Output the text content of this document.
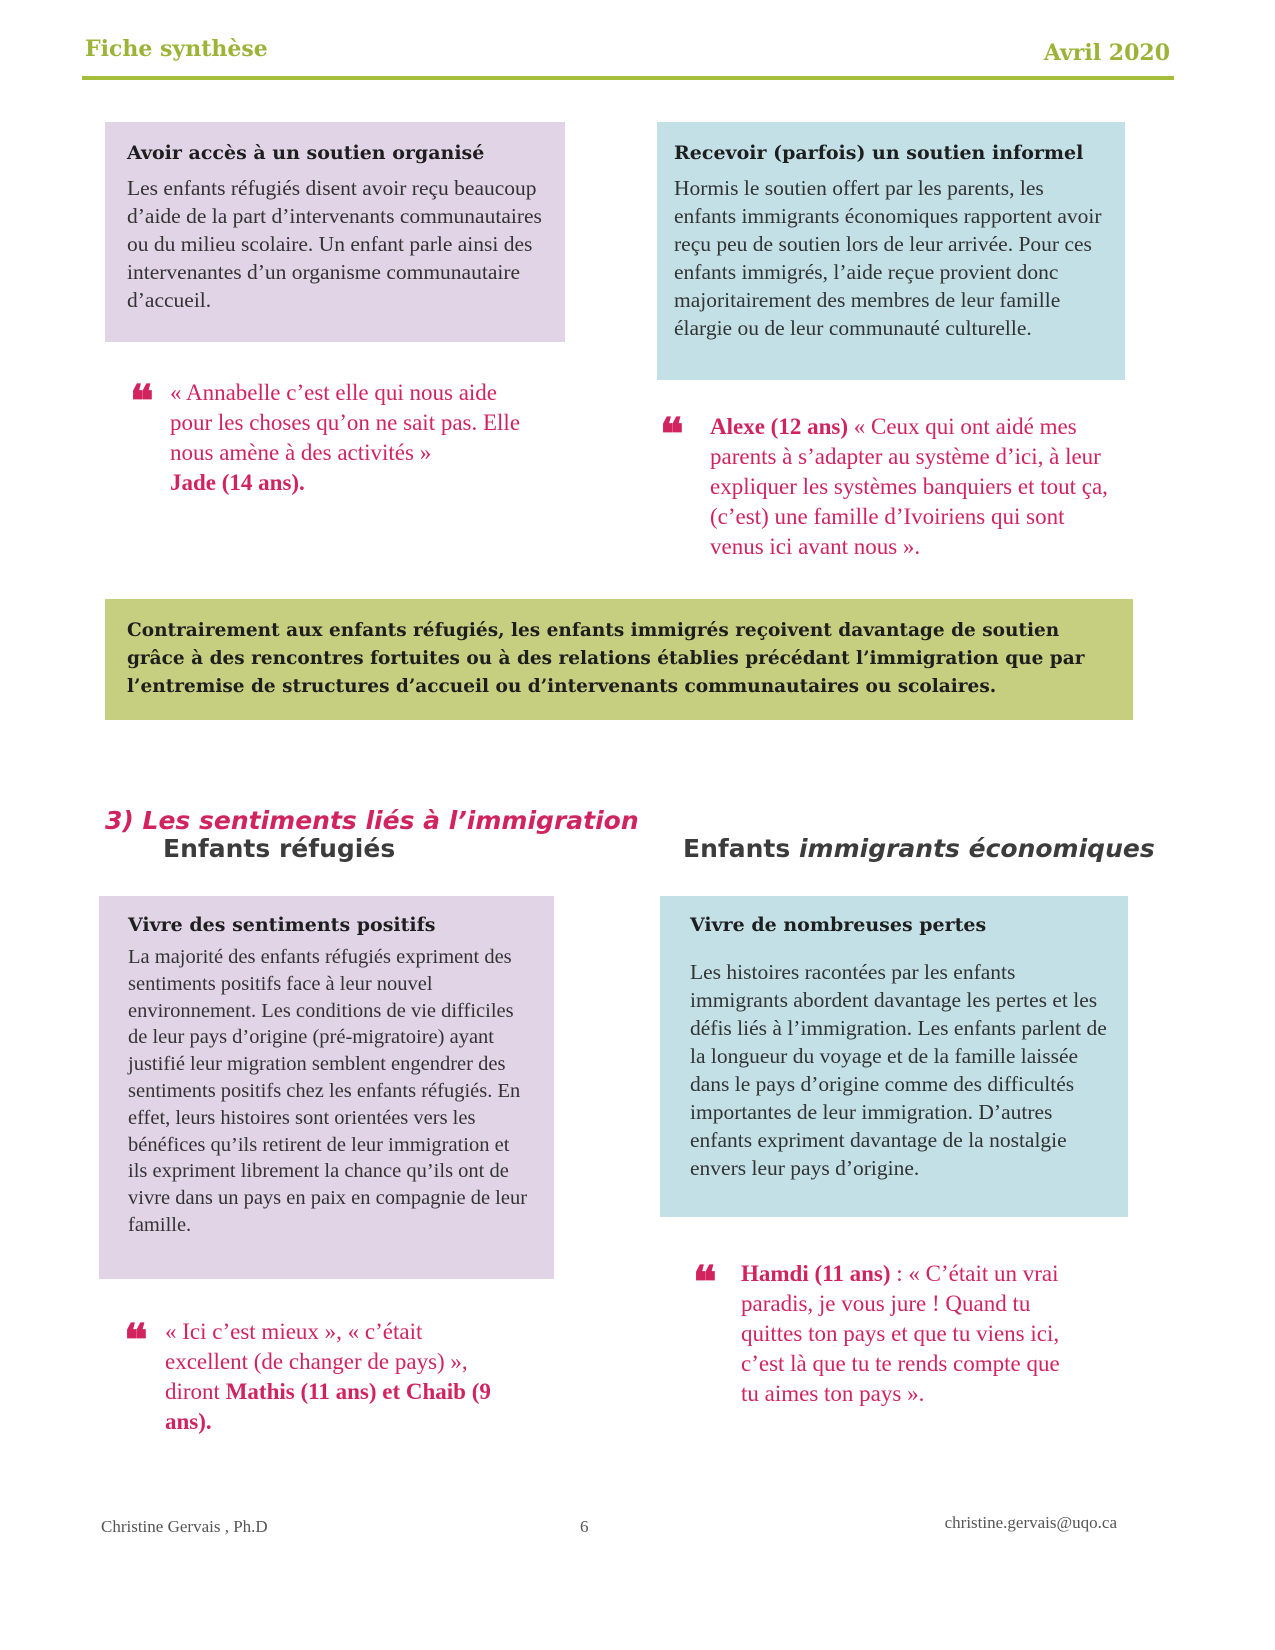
Fiche synthèse	Avril 2020
Avoir accès à un soutien organisé

Les enfants réfugiés disent avoir reçu beaucoup d’aide de la part d’intervenants communautaires ou du milieu scolaire. Un enfant parle ainsi des intervenantes d’un organisme communautaire d’accueil.

Recevoir (parfois) un soutien informel

Hormis le soutien offert par les parents, les enfants immigrants économiques rapportent avoir reçu peu de soutien lors de leur arrivée. Pour ces enfants immigrés, l’aide reçue provient donc majoritairement des membres de leur famille élargie ou de leur communauté culturelle.

❝ « Annabelle c’est elle qui nous aide pour les choses qu’on ne sait pas. Elle nous amène à des activités »
Jade (14 ans).
❝ Alexe (12 ans) « Ceux qui ont aidé mes parents à s’adapter au système d’ici, à leur expliquer les systèmes banquiers et tout ça, (c’est) une famille d’Ivoiriens qui sont venus ici avant nous ».
Contrairement aux enfants réfugiés, les enfants immigrés reçoivent davantage de soutien grâce à des rencontres fortuites ou à des relations établies précédant l’immigration que par l’entremise de structures d’accueil ou d’intervenants communautaires ou scolaires.
3) Les sentiments liés à l’immigration
Enfants réfugiés	Enfants immigrants économiques
Vivre des sentiments positifs

La majorité des enfants réfugiés expriment des sentiments positifs face à leur nouvel environnement. Les conditions de vie difficiles de leur pays d’origine (pré-migratoire) ayant justifié leur migration semblent engendrer des sentiments positifs chez les enfants réfugiés. En effet, leurs histoires sont orientées vers les bénéfices qu’ils retirent de leur immigration et ils expriment librement la chance qu’ils ont de vivre dans un pays en paix en compagnie de leur famille.

Vivre de nombreuses pertes

Les histoires racontées par les enfants immigrants abordent davantage les pertes et les défis liés à l’immigration. Les enfants parlent de la longueur du voyage et de la famille laissée dans le pays d’origine comme des difficultés importantes de leur immigration. D’autres enfants expriment davantage de la nostalgie envers leur pays d’origine.

❝ « Ici c’est mieux », « c’était excellent (de changer de pays) », diront Mathis (11 ans) et Chaib (9 ans).
❝ Hamdi (11 ans) : « C’était un vrai paradis, je vous jure ! Quand tu quittes ton pays et que tu viens ici, c’est là que tu te rends compte que tu aimes ton pays ».
Christine Gervais , Ph.D	6	christine.gervais@uqo.ca
